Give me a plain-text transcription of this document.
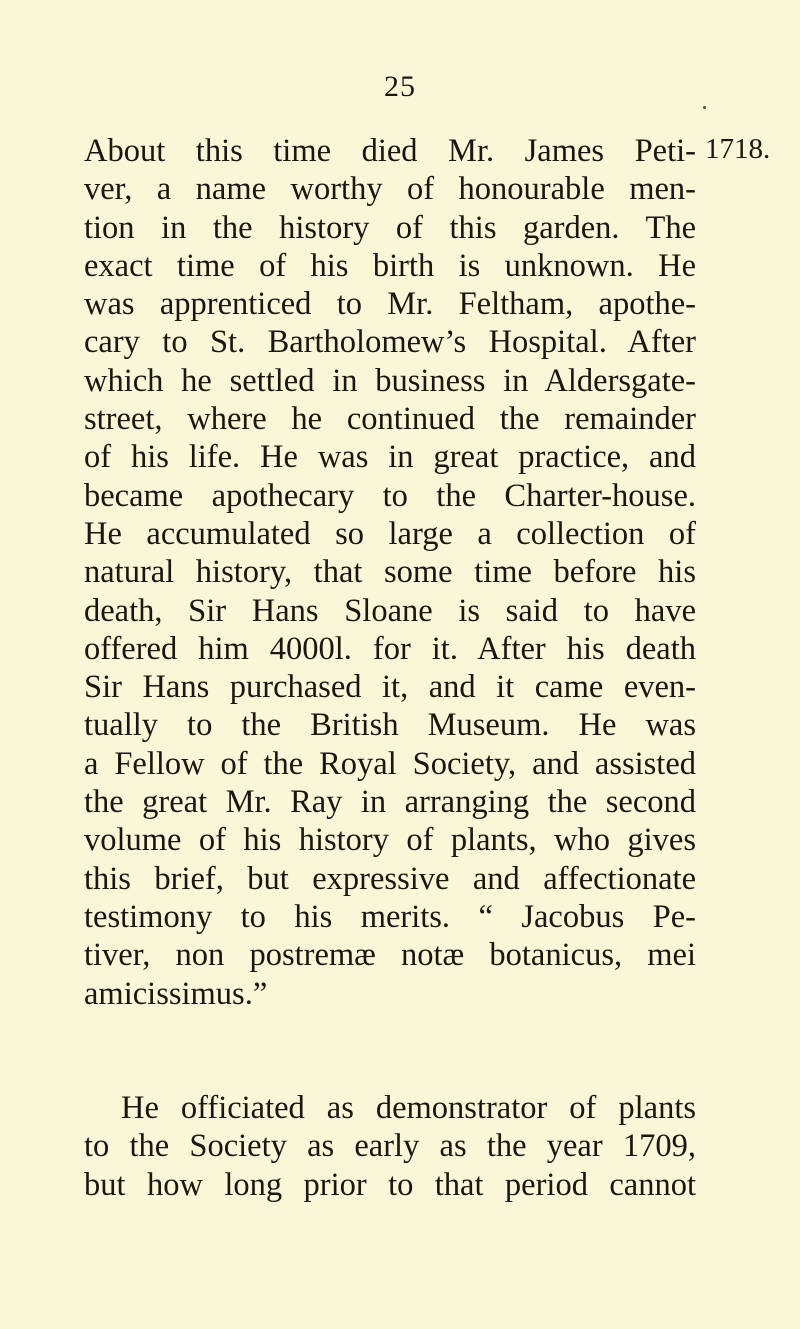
25
1718.
About this time died Mr. James Peti-
ver, a name worthy of honourable men-
tion in the history of this garden. The
exact time of his birth is unknown. He
was apprenticed to Mr. Feltham, apothe-
cary to St. Bartholomew’s Hospital. After
which he settled in business in Aldersgate-
street, where he continued the remainder
of his life. He was in great practice, and
became apothecary to the Charter-house.
He accumulated so large a collection of
natural history, that some time before his
death, Sir Hans Sloane is said to have
offered him 4000l. for it. After his death
Sir Hans purchased it, and it came even-
tually to the British Museum. He was
a Fellow of the Royal Society, and assisted
the great Mr. Ray in arranging the second
volume of his history of plants, who gives
this brief, but expressive and affectionate
testimony to his merits. “ Jacobus Pe-
tiver, non postremæ notæ botanicus, mei
amicissimus.”
He officiated as demonstrator of plants
to the Society as early as the year 1709,
but how long prior to that period cannot
